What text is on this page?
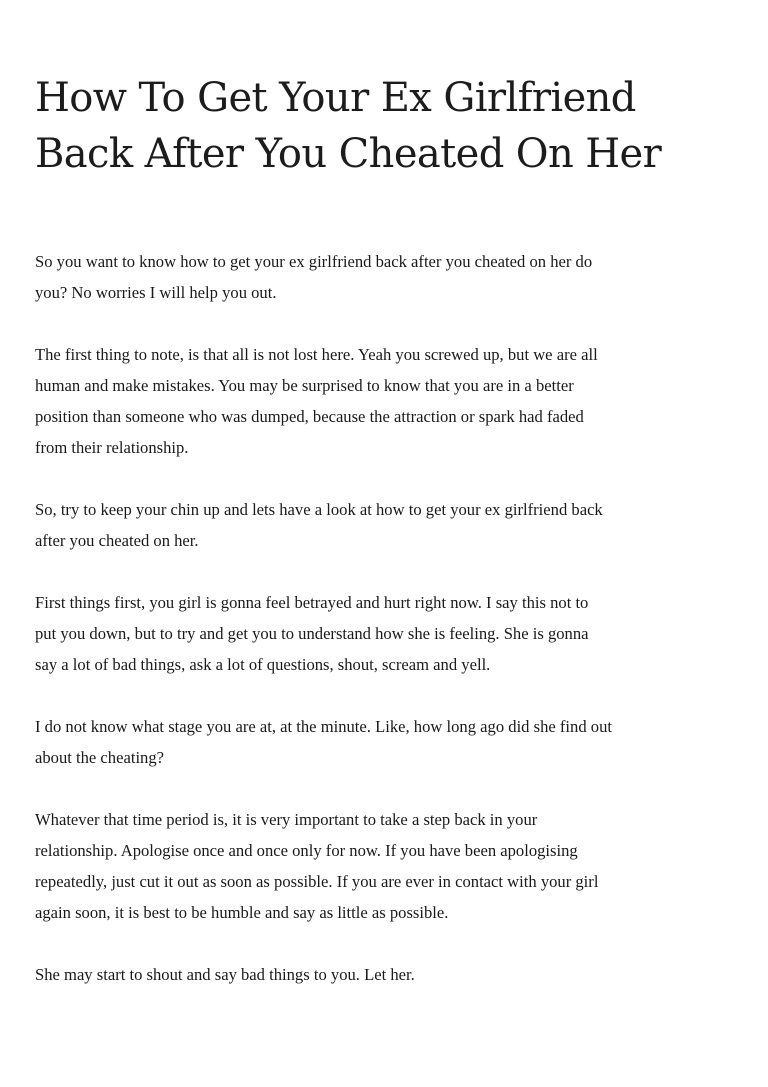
How To Get Your Ex Girlfriend
Back After You Cheated On Her

So you want to know how to get your ex girlfriend back after you cheated on her do
you? No worries I will help you out.

The first thing to note, is that all is not lost here. Yeah you screwed up, but we are all
human and make mistakes. You may be surprised to know that you are in a better
position than someone who was dumped, because the attraction or spark had faded
from their relationship.

So, try to keep your chin up and lets have a look at how to get your ex girlfriend back
after you cheated on her.

First things first, you girl is gonna feel betrayed and hurt right now. I say this not to
put you down, but to try and get you to understand how she is feeling. She is gonna
say a lot of bad things, ask a lot of questions, shout, scream and yell.

I do not know what stage you are at, at the minute. Like, how long ago did she find out
about the cheating?

Whatever that time period is, it is very important to take a step back in your
relationship. Apologise once and once only for now. If you have been apologising
repeatedly, just cut it out as soon as possible. If you are ever in contact with your girl
again soon, it is best to be humble and say as little as possible.

She may start to shout and say bad things to you. Let her.
